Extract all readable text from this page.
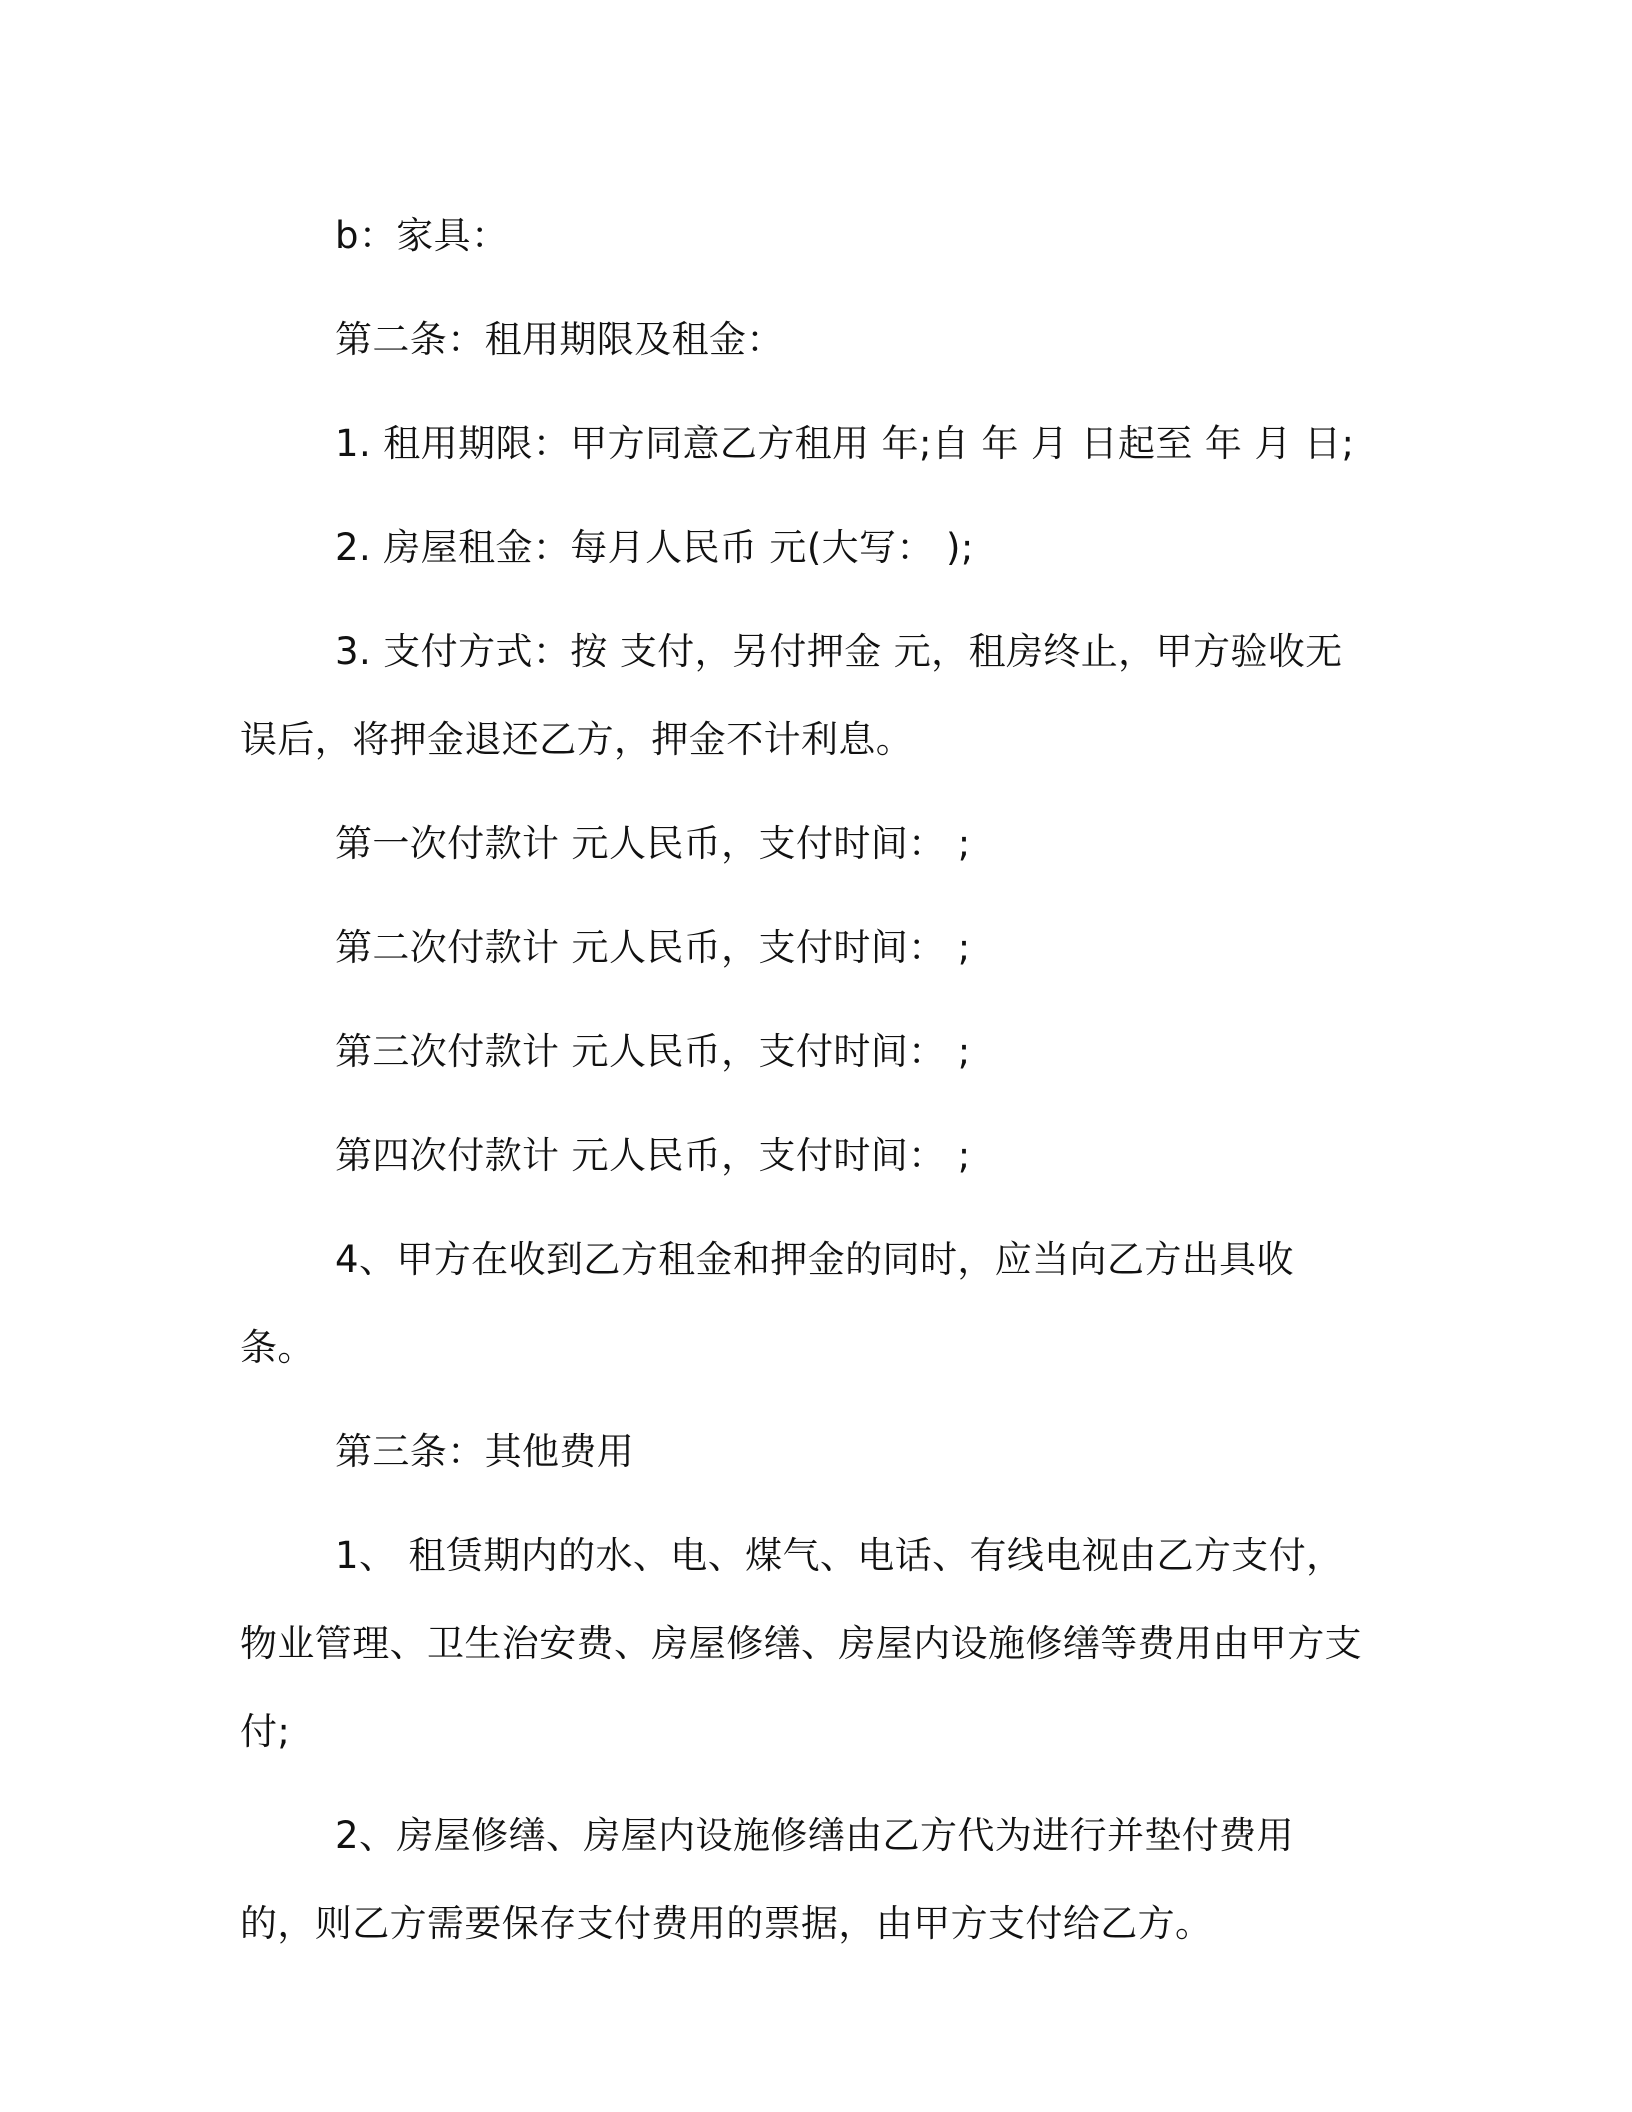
b：家具：

第二条：租用期限及租金：

1. 租用期限：甲方同意乙方租用 年;自 年 月 日起至 年 月 日;

2. 房屋租金：每月人民币 元(大写： );

3. 支付方式：按 支付，另付押金 元，租房终止，甲方验收无误后，将押金退还乙方，押金不计利息。

第一次付款计 元人民币，支付时间： ;

第二次付款计 元人民币，支付时间： ;

第三次付款计 元人民币，支付时间： ;

第四次付款计 元人民币，支付时间： ;

4、甲方在收到乙方租金和押金的同时，应当向乙方出具收条。

第三条：其他费用

1、 租赁期内的水、电、煤气、电话、有线电视由乙方支付，物业管理、卫生治安费、房屋修缮、房屋内设施修缮等费用由甲方支付;

2、房屋修缮、房屋内设施修缮由乙方代为进行并垫付费用的，则乙方需要保存支付费用的票据，由甲方支付给乙方。
